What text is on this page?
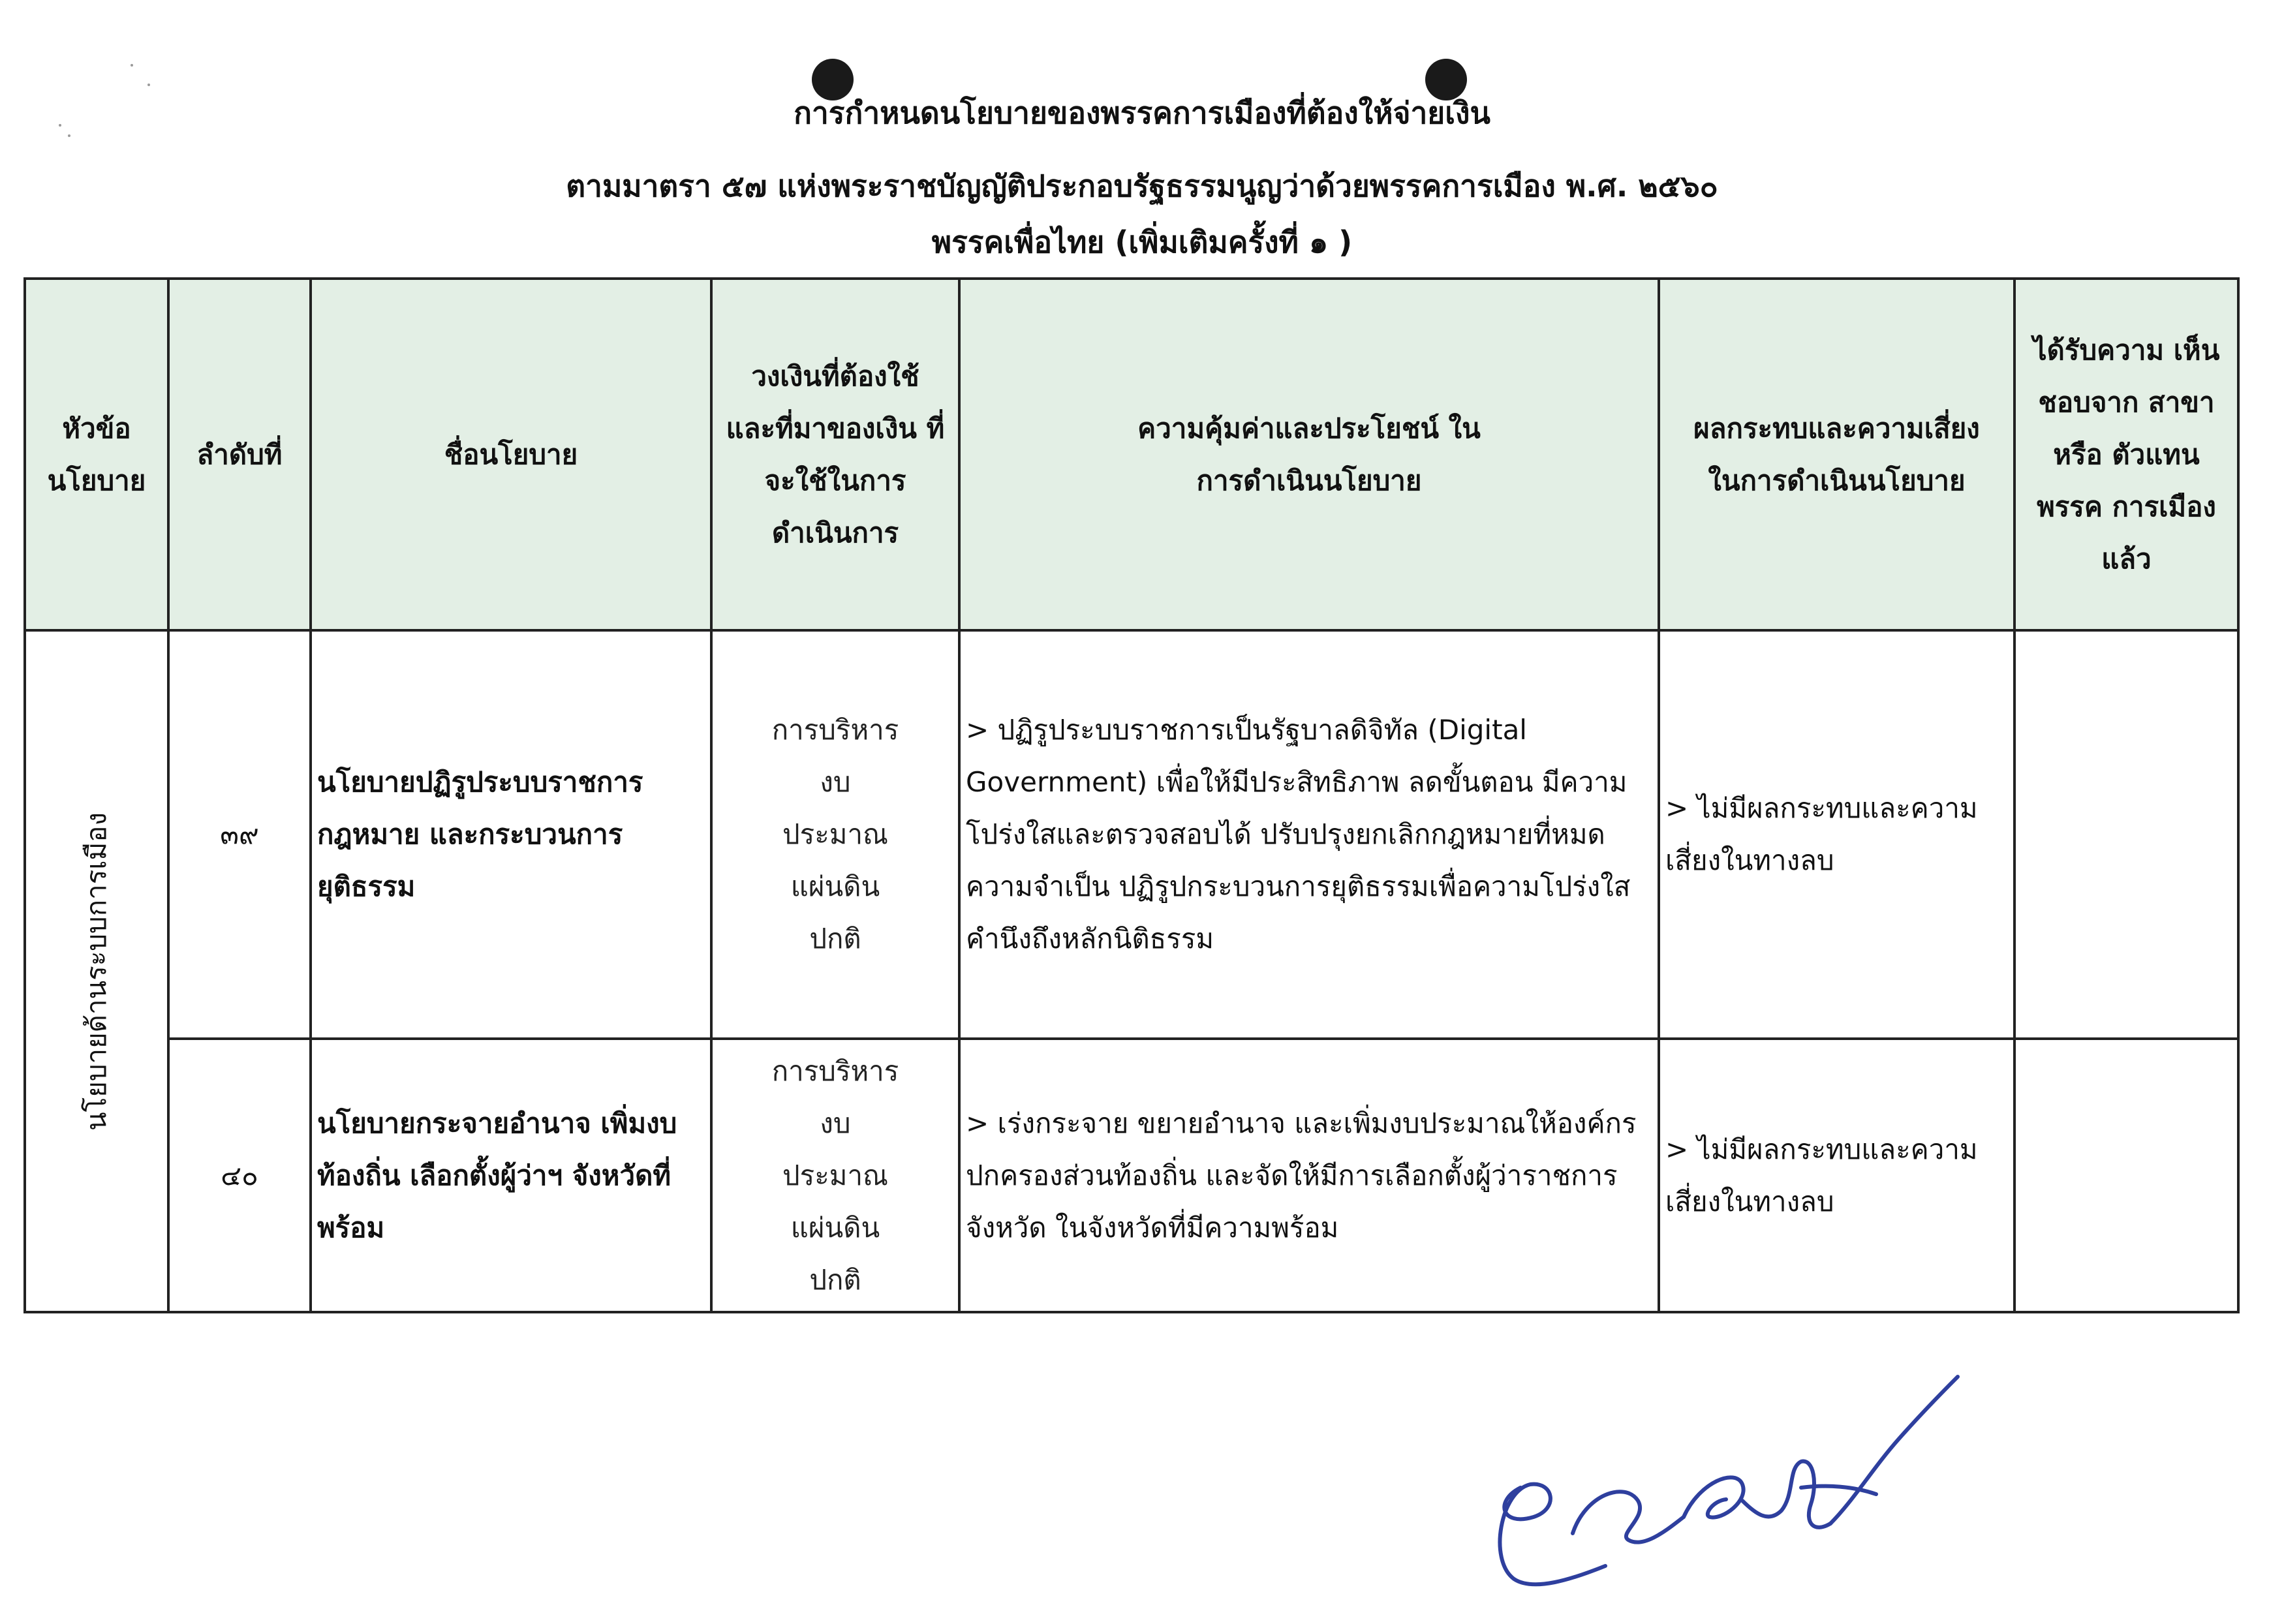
การกำหนดนโยบายของพรรคการเมืองที่ต้องให้จ่ายเงิน
ตามมาตรา ๕๗ แห่งพระราชบัญญัติประกอบรัฐธรรมนูญว่าด้วยพรรคการเมือง พ.ศ. ๒๕๖๐
พรรคเพื่อไทย (เพิ่มเติมครั้งที่ ๑ )
หัวข้อ นโยบาย	ลำดับที่	ชื่อนโยบาย	วงเงินที่ต้องใช้ และที่มาของเงิน ที่จะใช้ในการ ดำเนินการ	ความคุ้มค่าและประโยชน์ ในการดำเนินนโยบาย	ผลกระทบและความเสี่ยง ในการดำเนินนโยบาย	ได้รับความ เห็นชอบจาก สาขาหรือ ตัวแทนพรรค การเมืองแล้ว

นโยบายด้านระบบการเมือง	๓๙	นโยบายปฏิรูประบบราชการ กฎหมาย และกระบวนการ ยุติธรรม	การบริหาร งบประมาณ แผ่นดินปกติ	> ปฏิรูประบบราชการเป็นรัฐบาลดิจิทัล (Digital Government) เพื่อให้มีประสิทธิภาพ ลดขั้นตอน มีความโปร่งใสและตรวจสอบได้ ปรับปรุงยกเลิกกฎหมายที่หมดความจำเป็น ปฏิรูปกระบวนการยุติธรรมเพื่อความโปร่งใส คำนึงถึงหลักนิติธรรม	> ไม่มีผลกระทบและความ เสี่ยงในทางลบ	

	๔๐	นโยบายกระจายอำนาจ เพิ่มงบ ท้องถิ่น เลือกตั้งผู้ว่าฯ จังหวัดที่ พร้อม	การบริหาร งบประมาณ แผ่นดินปกติ	> เร่งกระจาย ขยายอำนาจ และเพิ่มงบประมาณให้องค์กร ปกครองส่วนท้องถิ่น และจัดให้มีการเลือกตั้งผู้ว่าราชการ จังหวัด ในจังหวัดที่มีความพร้อม	> ไม่มีผลกระทบและความ เสี่ยงในทางลบ	
